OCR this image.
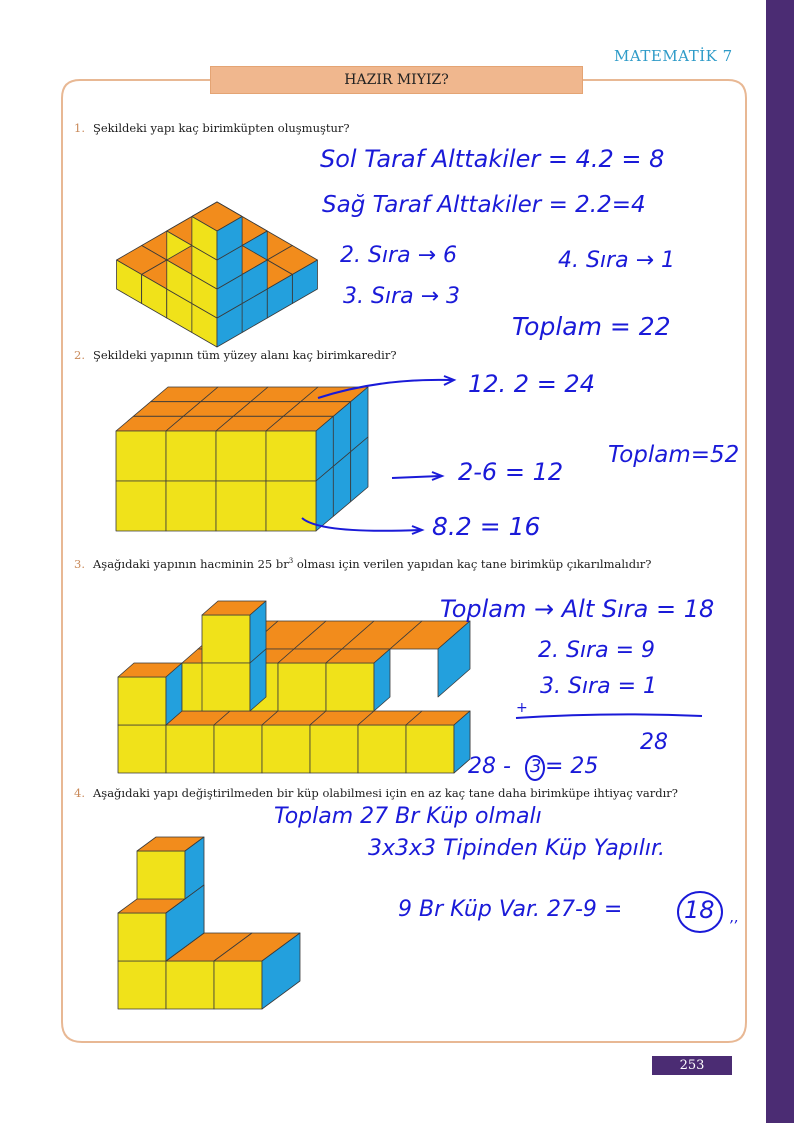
MATEMATİK 7
HAZIR MIYIZ?
1. Şekildeki yapı kaç birimküpten oluşmuştur?
2. Şekildeki yapının tüm yüzey alanı kaç birimkaredir?
3. Aşağıdaki yapının hacminin 25 $br^3$ olması için verilen yapıdan kaç tane birimküp çıkarılmalıdır?
4. Aşağıdaki yapı değiştirilmeden bir küp olabilmesi için en az kaç tane daha birimküpe ihtiyaç vardır?
Sol Taraf Alttakiler = 4.2 = 8
Sağ Taraf Alttakiler = 2.2=4
2. Sıra → 6	4. Sıra → 1
3. Sıra → 3
Toplam = 22
12. 2 = 24
2-6 = 12
8.2 = 16
Toplam=52
Toplam → Alt Sıra = 18
2. Sıra = 9
3. Sıra = 1
+
28
28 - 3 = 25
Toplam 27 Br Küp olmalı
3x3x3 Tipinden Küp Yapılır.
9 Br Küp Var. 27-9 =	18 ,,
253
